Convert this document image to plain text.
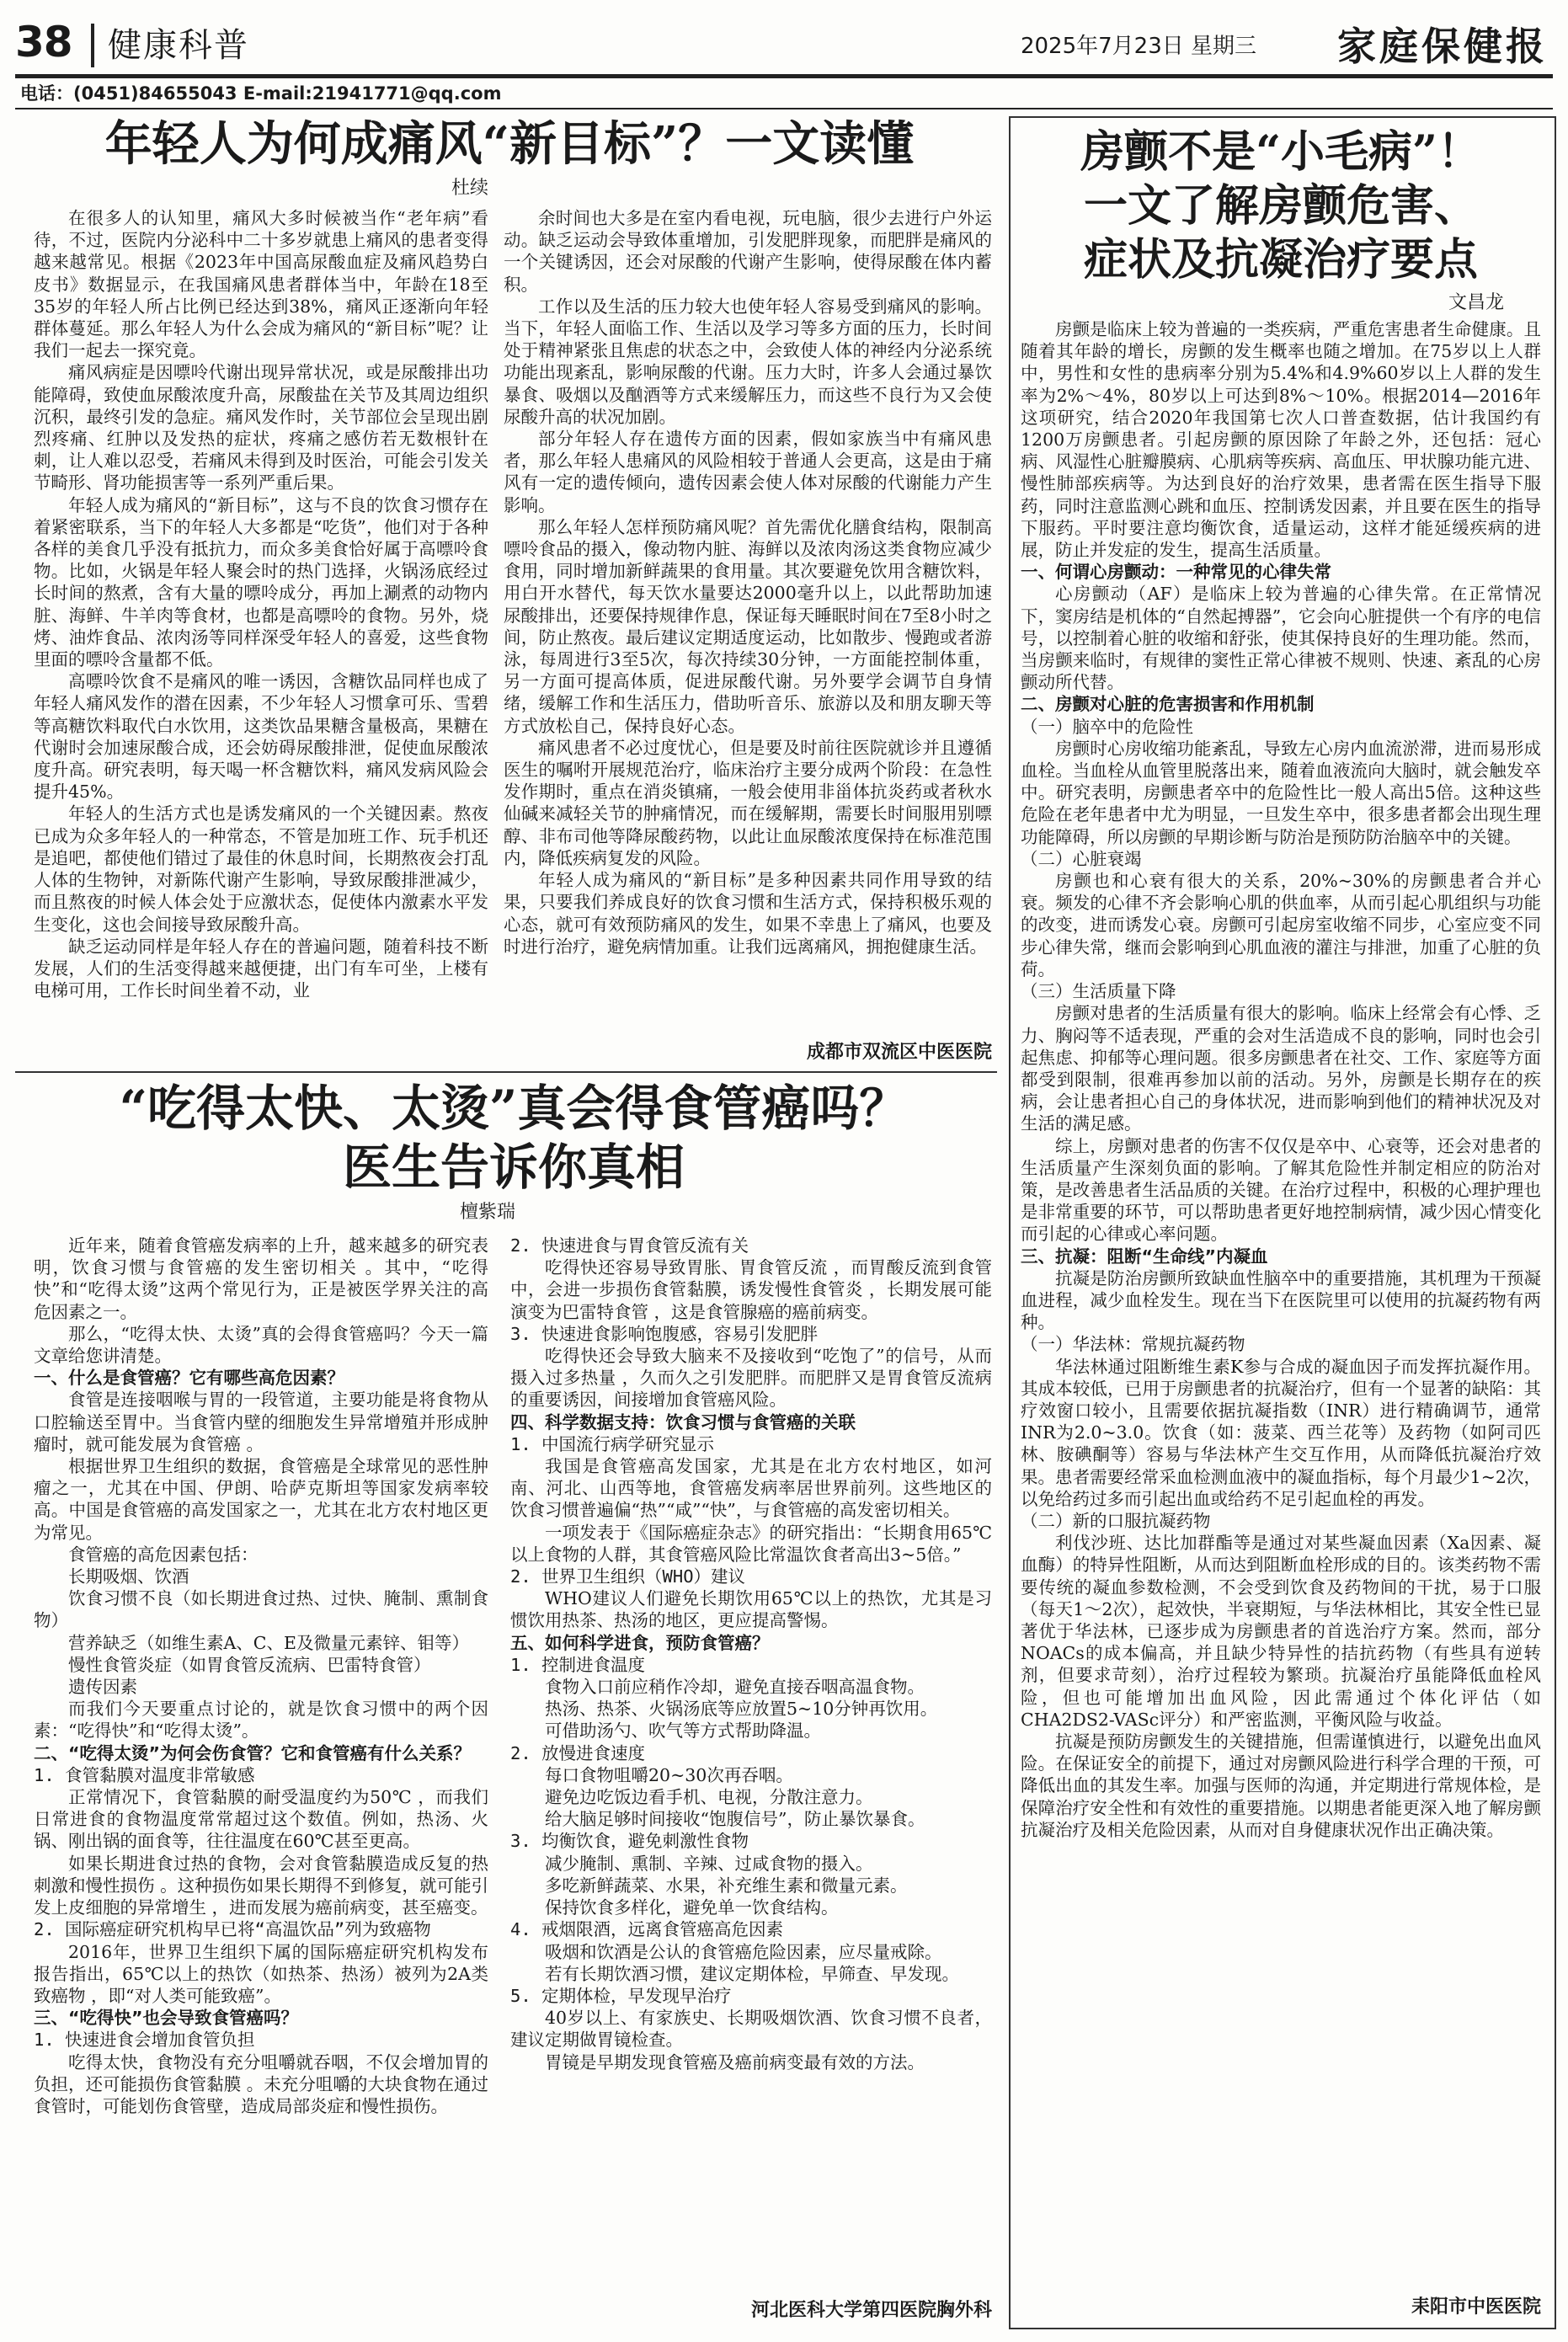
38 健康科普	2025年7月23日 星期三 家庭保健报
电话：(0451)84655043 E-mail:21941771@qq.com
年轻人为何成痛风“新目标”？一文读懂
杜续

在很多人的认知里，痛风大多时候被当作“老年病”看待，不过，医院内分泌科中二十多岁就患上痛风的患者变得越来越常见。根据《2023年中国高尿酸血症及痛风趋势白皮书》数据显示，在我国痛风患者群体当中，年龄在18至35岁的年轻人所占比例已经达到38%，痛风正逐渐向年轻群体蔓延。那么年轻人为什么会成为痛风的“新目标”呢？让我们一起去一探究竟。

痛风病症是因嘌呤代谢出现异常状况，或是尿酸排出功能障碍，致使血尿酸浓度升高，尿酸盐在关节及其周边组织沉积，最终引发的急症。痛风发作时，关节部位会呈现出剧烈疼痛、红肿以及发热的症状，疼痛之感仿若无数根针在刺，让人难以忍受，若痛风未得到及时医治，可能会引发关节畸形、肾功能损害等一系列严重后果。

年轻人成为痛风的“新目标”，这与不良的饮食习惯存在着紧密联系，当下的年轻人大多都是“吃货”，他们对于各种各样的美食几乎没有抵抗力，而众多美食恰好属于高嘌呤食物。比如，火锅是年轻人聚会时的热门选择，火锅汤底经过长时间的熬煮，含有大量的嘌呤成分，再加上涮煮的动物内脏、海鲜、牛羊肉等食材，也都是高嘌呤的食物。另外，烧烤、油炸食品、浓肉汤等同样深受年轻人的喜爱，这些食物里面的嘌呤含量都不低。

高嘌呤饮食不是痛风的唯一诱因，含糖饮品同样也成了年轻人痛风发作的潜在因素，不少年轻人习惯拿可乐、雪碧等高糖饮料取代白水饮用，这类饮品果糖含量极高，果糖在代谢时会加速尿酸合成，还会妨碍尿酸排泄，促使血尿酸浓度升高。研究表明，每天喝一杯含糖饮料，痛风发病风险会提升45%。

年轻人的生活方式也是诱发痛风的一个关键因素。熬夜已成为众多年轻人的一种常态，不管是加班工作、玩手机还是追吧，都使他们错过了最佳的休息时间，长期熬夜会打乱人体的生物钟，对新陈代谢产生影响，导致尿酸排泄减少，而且熬夜的时候人体会处于应激状态，促使体内激素水平发生变化，这也会间接导致尿酸升高。

缺乏运动同样是年轻人存在的普遍问题，随着科技不断发展，人们的生活变得越来越便捷，出门有车可坐，上楼有电梯可用，工作长时间坐着不动，业

余时间也大多是在室内看电视，玩电脑，很少去进行户外运动。缺乏运动会导致体重增加，引发肥胖现象，而肥胖是痛风的一个关键诱因，还会对尿酸的代谢产生影响，使得尿酸在体内蓄积。

工作以及生活的压力较大也使年轻人容易受到痛风的影响。当下，年轻人面临工作、生活以及学习等多方面的压力，长时间处于精神紧张且焦虑的状态之中，会致使人体的神经内分泌系统功能出现紊乱，影响尿酸的代谢。压力大时，许多人会通过暴饮暴食、吸烟以及酗酒等方式来缓解压力，而这些不良行为又会使尿酸升高的状况加剧。

部分年轻人存在遗传方面的因素，假如家族当中有痛风患者，那么年轻人患痛风的风险相较于普通人会更高，这是由于痛风有一定的遗传倾向，遗传因素会使人体对尿酸的代谢能力产生影响。

那么年轻人怎样预防痛风呢？首先需优化膳食结构，限制高嘌呤食品的摄入，像动物内脏、海鲜以及浓肉汤这类食物应减少食用，同时增加新鲜蔬果的食用量。其次要避免饮用含糖饮料，用白开水替代，每天饮水量要达2000毫升以上，以此帮助加速尿酸排出，还要保持规律作息，保证每天睡眠时间在7至8小时之间，防止熬夜。最后建议定期适度运动，比如散步、慢跑或者游泳，每周进行3至5次，每次持续30分钟，一方面能控制体重，另一方面可提高体质，促进尿酸代谢。另外要学会调节自身情绪，缓解工作和生活压力，借助听音乐、旅游以及和朋友聊天等方式放松自己，保持良好心态。

痛风患者不必过度忧心，但是要及时前往医院就诊并且遵循医生的嘱咐开展规范治疗，临床治疗主要分成两个阶段：在急性发作期时，重点在消炎镇痛，一般会使用非甾体抗炎药或者秋水仙碱来减轻关节的肿痛情况，而在缓解期，需要长时间服用别嘌醇、非布司他等降尿酸药物，以此让血尿酸浓度保持在标准范围内，降低疾病复发的风险。

年轻人成为痛风的“新目标”是多种因素共同作用导致的结果，只要我们养成良好的饮食习惯和生活方式，保持积极乐观的心态，就可有效预防痛风的发生，如果不幸患上了痛风，也要及时进行治疗，避免病情加重。让我们远离痛风，拥抱健康生活。

成都市双流区中医医院
“吃得太快、太烫”真会得食管癌吗？
医生告诉你真相
檀紫瑞

近年来，随着食管癌发病率的上升，越来越多的研究表明，饮食习惯与食管癌的发生密切相关 。其中，“吃得快”和“吃得太烫”这两个常见行为，正是被医学界关注的高危因素之一。

那么，“吃得太快、太烫”真的会得食管癌吗？今天一篇文章给您讲清楚。

一、什么是食管癌？它有哪些高危因素？

食管是连接咽喉与胃的一段管道，主要功能是将食物从口腔输送至胃中。当食管内壁的细胞发生异常增殖并形成肿瘤时，就可能发展为食管癌 。

根据世界卫生组织的数据，食管癌是全球常见的恶性肿瘤之一，尤其在中国、伊朗、哈萨克斯坦等国家发病率较高。中国是食管癌的高发国家之一，尤其在北方农村地区更为常见。

食管癌的高危因素包括：

长期吸烟、饮酒

饮食习惯不良（如长期进食过热、过快、腌制、熏制食物）

营养缺乏（如维生素A、C、E及微量元素锌、钼等）

慢性食管炎症（如胃食管反流病、巴雷特食管）

遗传因素

而我们今天要重点讨论的，就是饮食习惯中的两个因素：“吃得快”和“吃得太烫”。

二、“吃得太烫”为何会伤食管？它和食管癌有什么关系？

1. 食管黏膜对温度非常敏感

正常情况下，食管黏膜的耐受温度约为50℃ ，而我们日常进食的食物温度常常超过这个数值。例如，热汤、火锅、刚出锅的面食等，往往温度在60℃甚至更高。

如果长期进食过热的食物，会对食管黏膜造成反复的热刺激和慢性损伤 。这种损伤如果长期得不到修复，就可能引发上皮细胞的异常增生 ，进而发展为癌前病变，甚至癌变。

2. 国际癌症研究机构早已将“高温饮品”列为致癌物

2016年，世界卫生组织下属的国际癌症研究机构发布报告指出，65℃以上的热饮（如热茶、热汤）被列为2A类致癌物 ，即“对人类可能致癌”。

三、“吃得快”也会导致食管癌吗？

1. 快速进食会增加食管负担

吃得太快，食物没有充分咀嚼就吞咽，不仅会增加胃的负担，还可能损伤食管黏膜 。未充分咀嚼的大块食物在通过食管时，可能划伤食管壁，造成局部炎症和慢性损伤。

2. 快速进食与胃食管反流有关

吃得快还容易导致胃胀、胃食管反流 ，而胃酸反流到食管中，会进一步损伤食管黏膜，诱发慢性食管炎 ，长期发展可能演变为巴雷特食管 ，这是食管腺癌的癌前病变。

3. 快速进食影响饱腹感，容易引发肥胖

吃得快还会导致大脑来不及接收到“吃饱了”的信号，从而摄入过多热量 ，久而久之引发肥胖。而肥胖又是胃食管反流病的重要诱因，间接增加食管癌风险。

四、科学数据支持：饮食习惯与食管癌的关联

1. 中国流行病学研究显示

我国是食管癌高发国家，尤其是在北方农村地区，如河南、河北、山西等地，食管癌发病率居世界前列。这些地区的饮食习惯普遍偏“热”“咸”“快”，与食管癌的高发密切相关。

一项发表于《国际癌症杂志》的研究指出：“长期食用65℃以上食物的人群，其食管癌风险比常温饮食者高出3~5倍。”

2. 世界卫生组织（WHO）建议

WHO建议人们避免长期饮用65℃以上的热饮，尤其是习惯饮用热茶、热汤的地区，更应提高警惕。

五、如何科学进食，预防食管癌？

1. 控制进食温度

食物入口前应稍作冷却，避免直接吞咽高温食物。

热汤、热茶、火锅汤底等应放置5~10分钟再饮用。

可借助汤勺、吹气等方式帮助降温。

2. 放慢进食速度

每口食物咀嚼20~30次再吞咽。

避免边吃饭边看手机、电视，分散注意力。

给大脑足够时间接收“饱腹信号”，防止暴饮暴食。

3. 均衡饮食，避免刺激性食物

减少腌制、熏制、辛辣、过咸食物的摄入。

多吃新鲜蔬菜、水果，补充维生素和微量元素。

保持饮食多样化，避免单一饮食结构。

4. 戒烟限酒，远离食管癌高危因素

吸烟和饮酒是公认的食管癌危险因素，应尽量戒除。

若有长期饮酒习惯，建议定期体检，早筛查、早发现。

5. 定期体检，早发现早治疗

40岁以上、有家族史、长期吸烟饮酒、饮食习惯不良者，建议定期做胃镜检查。

胃镜是早期发现食管癌及癌前病变最有效的方法。

河北医科大学第四医院胸外科
房颤不是“小毛病”！
一文了解房颤危害、
症状及抗凝治疗要点
文昌龙

房颤是临床上较为普遍的一类疾病，严重危害患者生命健康。且随着其年龄的增长，房颤的发生概率也随之增加。在75岁以上人群中，男性和女性的患病率分别为5.4%和4.9%60岁以上人群的发生率为2%～4%，80岁以上可达到8%～10%。根据2014—2016年这项研究，结合2020年我国第七次人口普查数据，估计我国约有1200万房颤患者。引起房颤的原因除了年龄之外，还包括：冠心病、风湿性心脏瓣膜病、心肌病等疾病、高血压、甲状腺功能亢进、慢性肺部疾病等。为达到良好的治疗效果，患者需在医生指导下服药，同时注意监测心跳和血压、控制诱发因素，并且要在医生的指导下服药。平时要注意均衡饮食，适量运动，这样才能延缓疾病的进展，防止并发症的发生，提高生活质量。

一、何谓心房颤动：一种常见的心律失常

心房颤动（AF）是临床上较为普遍的心律失常。在正常情况下，窦房结是机体的“自然起搏器”，它会向心脏提供一个有序的电信号，以控制着心脏的收缩和舒张，使其保持良好的生理功能。然而，当房颤来临时，有规律的窦性正常心律被不规则、快速、紊乱的心房颤动所代替。

二、房颤对心脏的危害损害和作用机制

（一）脑卒中的危险性

房颤时心房收缩功能紊乱，导致左心房内血流淤滞，进而易形成血栓。当血栓从血管里脱落出来，随着血液流向大脑时，就会触发卒中。研究表明，房颤患者卒中的危险性比一般人高出5倍。这种这些危险在老年患者中尤为明显，一旦发生卒中，很多患者都会出现生理功能障碍，所以房颤的早期诊断与防治是预防防治脑卒中的关键。

（二）心脏衰竭

房颤也和心衰有很大的关系，20%~30%的房颤患者合并心衰。频发的心律不齐会影响心肌的供血率，从而引起心肌组织与功能的改变，进而诱发心衰。房颤可引起房室收缩不同步，心室应变不同步心律失常，继而会影响到心肌血液的灌注与排泄，加重了心脏的负荷。

（三）生活质量下降

房颤对患者的生活质量有很大的影响。临床上经常会有心悸、乏力、胸闷等不适表现，严重的会对生活造成不良的影响，同时也会引起焦虑、抑郁等心理问题。很多房颤患者在社交、工作、家庭等方面都受到限制，很难再参加以前的活动。另外，房颤是长期存在的疾病，会让患者担心自己的身体状况，进而影响到他们的精神状况及对生活的满足感。

综上，房颤对患者的伤害不仅仅是卒中、心衰等，还会对患者的生活质量产生深刻负面的影响。了解其危险性并制定相应的防治对策，是改善患者生活品质的关键。在治疗过程中，积极的心理护理也是非常重要的环节，可以帮助患者更好地控制病情，减少因心情变化而引起的心律或心率问题。

三、抗凝：阻断“生命线”内凝血

抗凝是防治房颤所致缺血性脑卒中的重要措施，其机理为干预凝血进程，减少血栓发生。现在当下在医院里可以使用的抗凝药物有两种。

（一）华法林：常规抗凝药物

华法林通过阻断维生素K参与合成的凝血因子而发挥抗凝作用。其成本较低，已用于房颤患者的抗凝治疗，但有一个显著的缺陷：其疗效窗口较小，且需要依据抗凝指数（INR）进行精确调节，通常INR为2.0~3.0。饮食（如：菠菜、西兰花等）及药物（如阿司匹林、胺碘酮等）容易与华法林产生交互作用，从而降低抗凝治疗效果。患者需要经常采血检测血液中的凝血指标，每个月最少1~2次，以免给药过多而引起出血或给药不足引起血栓的再发。

（二）新的口服抗凝药物

利伐沙班、达比加群酯等是通过对某些凝血因素（Xa因素、凝血酶）的特异性阻断，从而达到阻断血栓形成的目的。该类药物不需要传统的凝血参数检测，不会受到饮食及药物间的干扰，易于口服（每天1～2次），起效快，半衰期短，与华法林相比，其安全性已显著优于华法林，已逐步成为房颤患者的首选治疗方案。然而，部分NOACs的成本偏高，并且缺少特异性的拮抗药物（有些具有逆转剂，但要求苛刻），治疗过程较为繁琐。抗凝治疗虽能降低血栓风险，但也可能增加出血风险，因此需通过个体化评估（如CHA2DS2-VASc评分）和严密监测，平衡风险与收益。

抗凝是预防房颤发生的关键措施，但需谨慎进行，以避免出血风险。在保证安全的前提下，通过对房颤风险进行科学合理的干预，可降低出血的其发生率。加强与医师的沟通，并定期进行常规体检，是保障治疗安全性和有效性的重要措施。以期患者能更深入地了解房颤抗凝治疗及相关危险因素，从而对自身健康状况作出正确决策。

耒阳市中医医院
